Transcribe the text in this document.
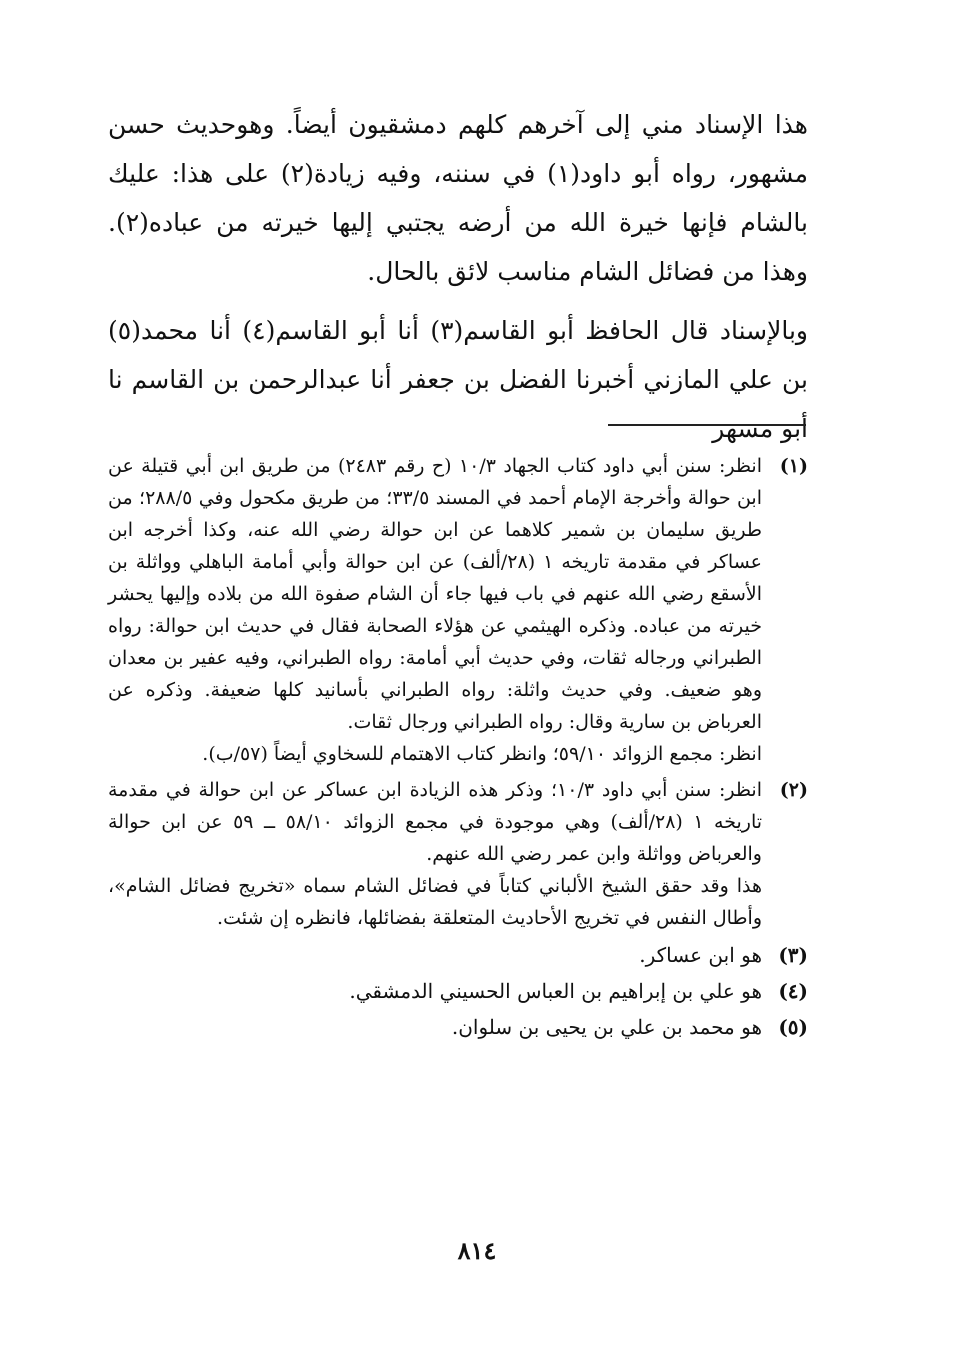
هذا الإسناد مني إلى آخرهم كلهم دمشقيون أيضاً. وهوحديث حسن مشهور، رواه أبو داود(١) في سننه، وفيه زيادة(٢) على هذا: عليك بالشام فإنها خيرة الله من أرضه يجتبي إليها خيرته من عباده(٢). وهذا من فضائل الشام مناسب لائق بالحال.

وبالإسناد قال الحافظ أبو القاسم(٣) أنا أبو القاسم(٤) أنا محمد(٥) بن علي المازني أخبرنا الفضل بن جعفر أنا عبدالرحمن بن القاسم نا أبو مسهر

(١)

انظر: سنن أبي داود كتاب الجهاد ١٠/٣ (ح رقم ٢٤٨٣) من طريق ابن أبي قتيلة عن ابن حوالة وأخرجة الإمام أحمد في المسند ٣٣/٥؛ من طريق مكحول وفي ٢٨٨/٥؛ من طريق سليمان بن شمير كلاهما عن ابن حوالة رضي الله عنه، وكذا أخرجه ابن عساكر في مقدمة تاريخه ١ (٢٨/ألف) عن ابن حوالة وأبي أمامة الباهلي وواثلة بن الأسقع رضي الله عنهم في باب فيها جاء أن الشام صفوة الله من بلاده وإليها يحشر خيرته من عباده. وذكره الهيثمي عن هؤلاء الصحابة فقال في حديث ابن حوالة: رواه الطبراني ورجاله ثقات، وفي حديث أبي أمامة: رواه الطبراني، وفيه عفير بن معدان وهو ضعيف. وفي حديث واثلة: رواه الطبراني بأسانيد كلها ضعيفة. وذكره عن العرباض بن سارية وقال: رواه الطبراني ورجال ثقات.

انظر: مجمع الزوائد ٥٩/١٠؛ وانظر كتاب الاهتمام للسخاوي أيضاً (٥٧/ب).

(٢)

انظر: سنن أبي داود ١٠/٣؛ وذكر هذه الزيادة ابن عساكر عن ابن حوالة في مقدمة تاريخه ١ (٢٨/ألف) وهي موجودة في مجمع الزوائد ٥٨/١٠ ــ ٥٩ عن ابن حوالة والعرباض وواثلة وابن عمر رضي الله عنهم.

هذا وقد حقق الشيخ الألباني كتاباً في فضائل الشام سماه «تخريج فضائل الشام»، وأطال النفس في تخريج الأحاديث المتعلقة بفضائلها، فانظره إن شئت.

(٣)

هو ابن عساكر.

(٤)

هو علي بن إبراهيم بن العباس الحسيني الدمشقي.

(٥)

هو محمد بن علي بن يحيى بن سلوان.

٨١٤
